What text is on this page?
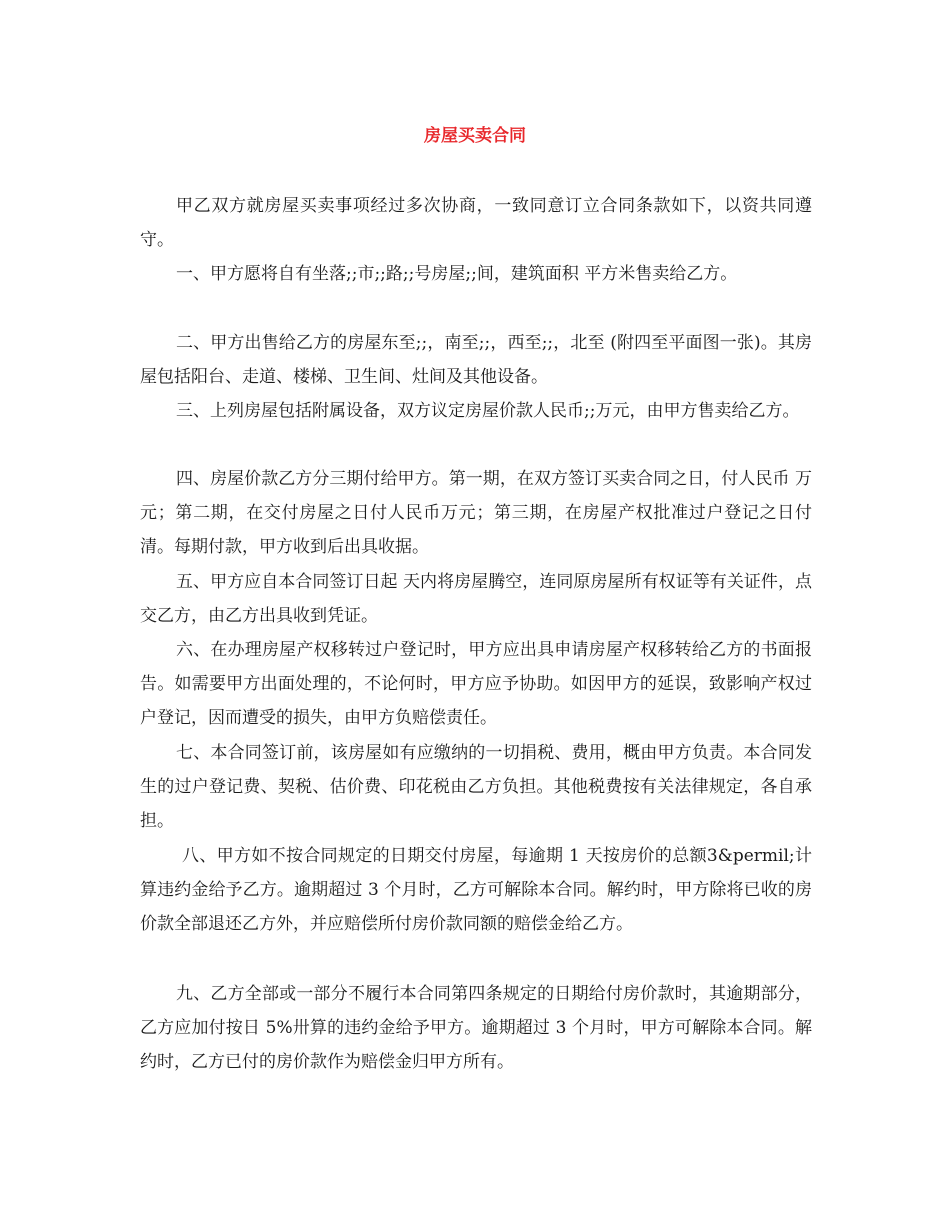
房屋买卖合同

甲乙双方就房屋买卖事项经过多次协商，一致同意订立合同条款如下，以资共同遵守。

一、甲方愿将自有坐落;;市;;路;;号房屋;;间，建筑面积 平方米售卖给乙方。

二、甲方出售给乙方的房屋东至;;，南至;;，西至;;，北至 (附四至平面图一张)。其房屋包括阳台、走道、楼梯、卫生间、灶间及其他设备。

三、上列房屋包括附属设备，双方议定房屋价款人民币;;万元，由甲方售卖给乙方。

四、房屋价款乙方分三期付给甲方。第一期，在双方签订买卖合同之日，付人民币 万元；第二期，在交付房屋之日付人民币万元；第三期，在房屋产权批准过户登记之日付清。每期付款，甲方收到后出具收据。

五、甲方应自本合同签订日起 天内将房屋腾空，连同原房屋所有权证等有关证件，点交乙方，由乙方出具收到凭证。

六、在办理房屋产权移转过户登记时，甲方应出具申请房屋产权移转给乙方的书面报告。如需要甲方出面处理的，不论何时，甲方应予协助。如因甲方的延误，致影响产权过户登记，因而遭受的损失，由甲方负赔偿责任。

七、本合同签订前，该房屋如有应缴纳的一切捐税、费用，概由甲方负责。本合同发生的过户登记费、契税、估价费、印花税由乙方负担。其他税费按有关法律规定，各自承担。

八、甲方如不按合同规定的日期交付房屋，每逾期 1 天按房价的总额3&permil;计算违约金给予乙方。逾期超过 3 个月时，乙方可解除本合同。解约时，甲方除将已收的房价款全部退还乙方外，并应赔偿所付房价款同额的赔偿金给乙方。

九、乙方全部或一部分不履行本合同第四条规定的日期给付房价款时，其逾期部分，乙方应加付按日 5%卅算的违约金给予甲方。逾期超过 3 个月时，甲方可解除本合同。解约时，乙方已付的房价款作为赔偿金归甲方所有。
